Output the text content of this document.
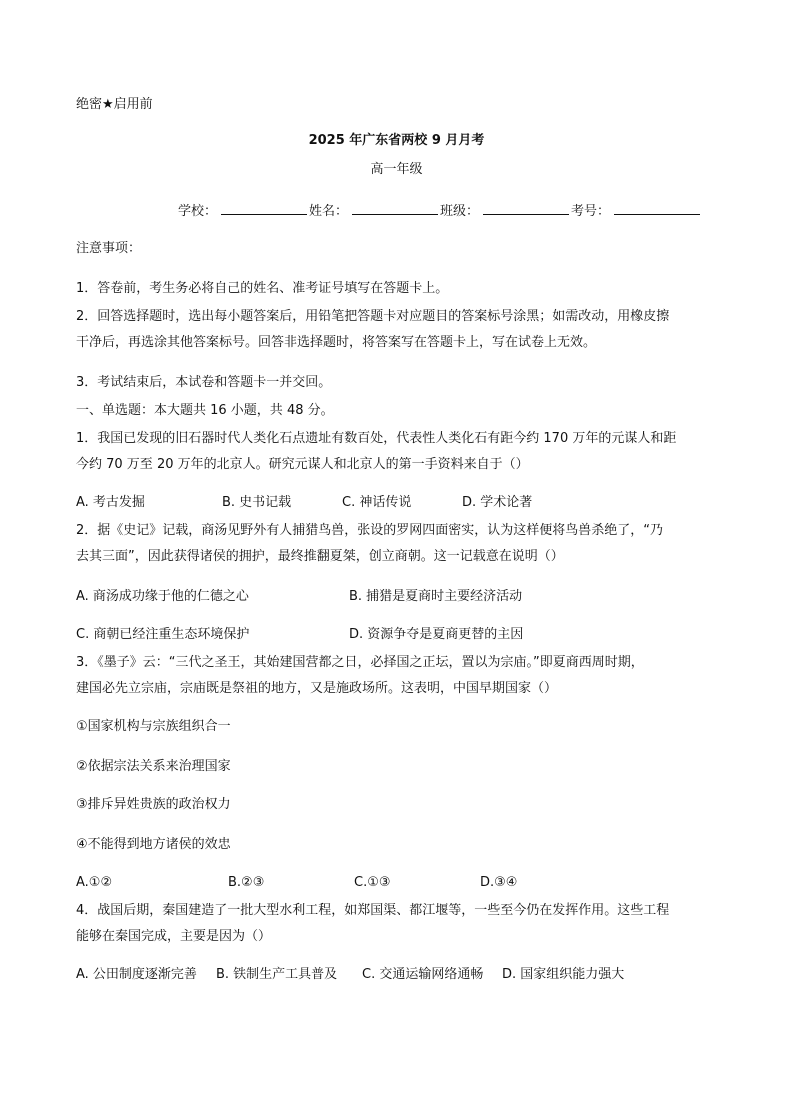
绝密★启用前
2025 年广东省两校 9 月月考
高一年级
学校：	姓名：	班级：	考号：
注意事项：
1．答卷前，考生务必将自己的姓名、准考证号填写在答题卡上。
2．回答选择题时，选出每小题答案后，用铅笔把答题卡对应题目的答案标号涂黑；如需改动，用橡皮擦
干净后，再选涂其他答案标号。回答非选择题时，将答案写在答题卡上，写在试卷上无效。
3．考试结束后，本试卷和答题卡一并交回。
一、单选题：本大题共 16 小题，共 48 分。
1．我国已发现的旧石器时代人类化石点遗址有数百处，代表性人类化石有距今约 170 万年的元谋人和距
今约 70 万至 20 万年的北京人。研究元谋人和北京人的第一手资料来自于（）
A. 考古发掘	B. 史书记载	C. 神话传说	D. 学术论著
2．据《史记》记载，商汤见野外有人捕猎鸟兽，张设的罗网四面密实，认为这样便将鸟兽杀绝了，“乃
去其三面”，因此获得诸侯的拥护，最终推翻夏桀，创立商朝。这一记载意在说明（）
A. 商汤成功缘于他的仁德之心	B. 捕猎是夏商时主要经济活动
C. 商朝已经注重生态环境保护	D. 资源争夺是夏商更替的主因
3．《墨子》云：“三代之圣王，其始建国营都之日，必择国之正坛，置以为宗庙。”即夏商西周时期，
建国必先立宗庙，宗庙既是祭祖的地方，又是施政场所。这表明，中国早期国家（）
①国家机构与宗族组织合一
②依据宗法关系来治理国家
③排斥异姓贵族的政治权力
④不能得到地方诸侯的效忠
A.①②	B.②③	C.①③	D.③④
4．战国后期，秦国建造了一批大型水利工程，如郑国渠、都江堰等，一些至今仍在发挥作用。这些工程
能够在秦国完成，主要是因为（）
A. 公田制度逐渐完善 B. 铁制生产工具普及 C. 交通运输网络通畅 D. 国家组织能力强大
